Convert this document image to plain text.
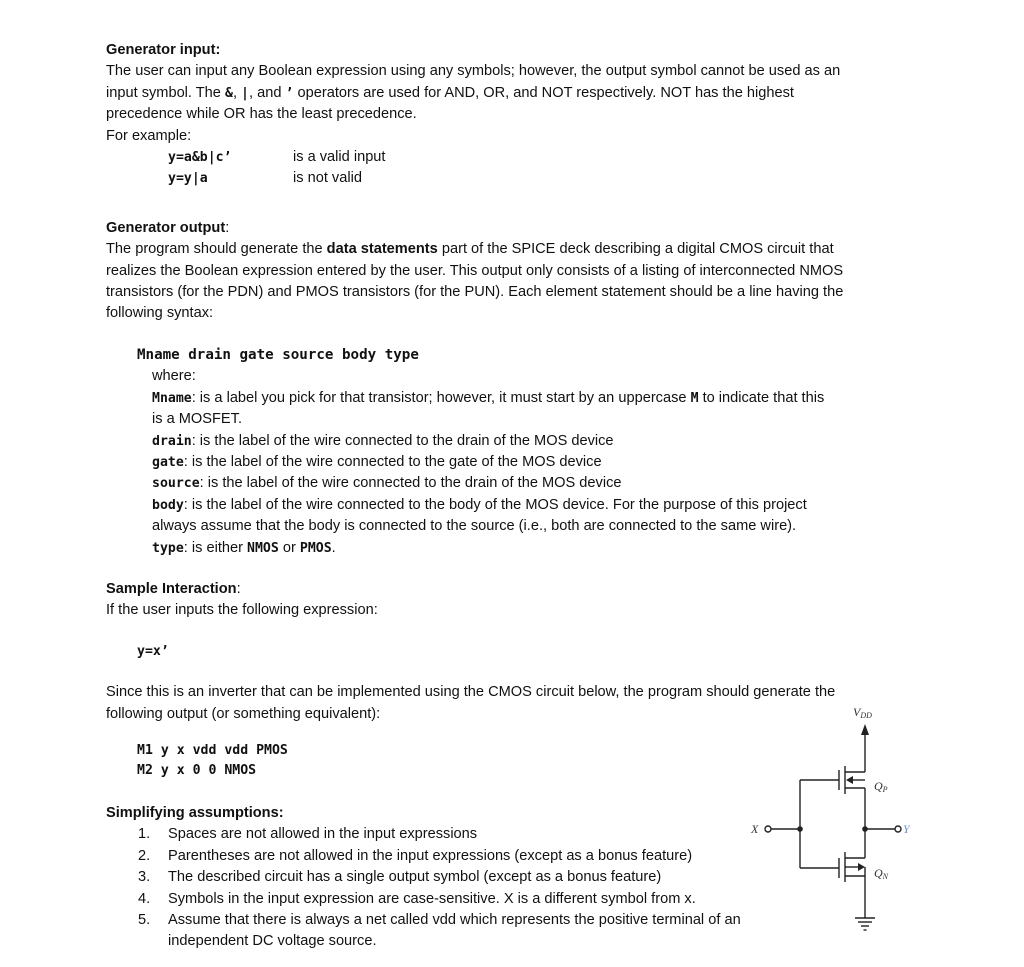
Generator input:

The user can input any Boolean expression using any symbols; however, the output symbol cannot be used as an

input symbol. The &, |, and ’ operators are used for AND, OR, and NOT respectively. NOT has the highest

precedence while OR has the least precedence.

For example:

y=a&b|c’	is a valid input
y=y|a	is not valid

Generator output:

The program should generate the data statements part of the SPICE deck describing a digital CMOS circuit that

realizes the Boolean expression entered by the user. This output only consists of a listing of interconnected NMOS

transistors (for the PDN) and PMOS transistors (for the PUN). Each element statement should be a line having the

following syntax:

Mname drain gate source body type

where:

Mname: is a label you pick for that transistor; however, it must start by an uppercase M to indicate that this

is a MOSFET.

drain: is the label of the wire connected to the drain of the MOS device

gate: is the label of the wire connected to the gate of the MOS device

source: is the label of the wire connected to the drain of the MOS device

body: is the label of the wire connected to the body of the MOS device. For the purpose of this project

always assume that the body is connected to the source (i.e., both are connected to the same wire).

type: is either NMOS or PMOS.

Sample Interaction:

If the user inputs the following expression:

y=x’

Since this is an inverter that can be implemented using the CMOS circuit below, the program should generate the

following output (or something equivalent):

M1 y x vdd vdd PMOS

M2 y x 0 0 NMOS

Simplifying assumptions:

1.	Spaces are not allowed in the input expressions
2.	Parentheses are not allowed in the input expressions (except as a bonus feature)
3.	The described circuit has a single output symbol (except as a bonus feature)
4.	Symbols in the input expression are case-sensitive. X is a different symbol from x.
5.	Assume that there is always a net called vdd which represents the positive terminal of an
independent DC voltage source.
VDD
QP
QN
X	Y
